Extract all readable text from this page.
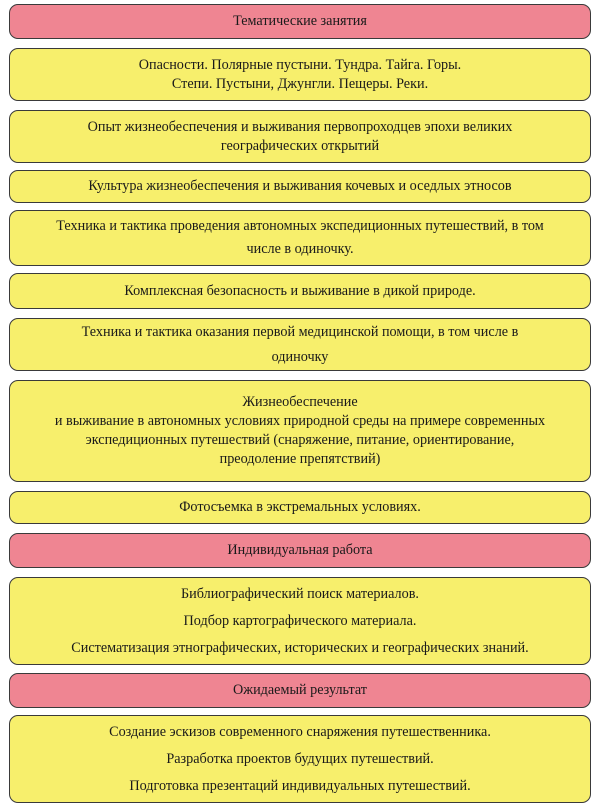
Тематические занятия
Опасности. Полярные пустыни. Тундра. Тайга. Горы.
Степи. Пустыни, Джунгли. Пещеры. Реки.
Опыт жизнеобеспечения и выживания первопроходцев эпохи великих
географических открытий
Культура жизнеобеспечения и выживания кочевых и оседлых этносов
Техника и тактика проведения автономных экспедиционных путешествий, в том
числе в одиночку.
Комплексная безопасность и выживание в дикой природе.
Техника и тактика оказания первой медицинской помощи, в том числе в
одиночку
Жизнеобеспечение
и выживание в автономных условиях природной среды на примере современных
экспедиционных путешествий (снаряжение, питание, ориентирование,
преодоление препятствий)
Фотосъемка в экстремальных условиях.
Индивидуальная работа
Библиографический поиск материалов.
Подбор картографического материала.
Систематизация этнографических, исторических и географических знаний.
Ожидаемый результат
Создание эскизов современного снаряжения путешественника.
Разработка проектов будущих путешествий.
Подготовка презентаций индивидуальных путешествий.
